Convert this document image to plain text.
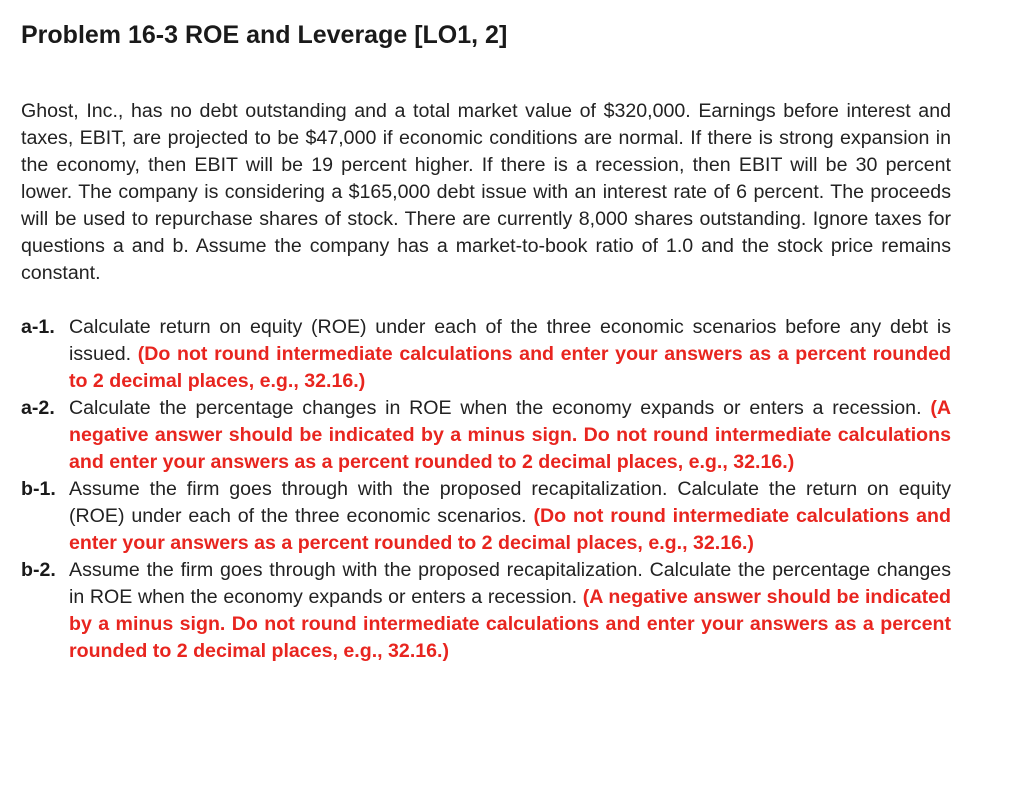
Problem 16-3 ROE and Leverage [LO1, 2]

Ghost, Inc., has no debt outstanding and a total market value of $320,000. Earnings before interest and taxes, EBIT, are projected to be $47,000 if economic conditions are normal. If there is strong expansion in the economy, then EBIT will be 19 percent higher. If there is a recession, then EBIT will be 30 percent lower. The company is considering a $165,000 debt issue with an interest rate of 6 percent. The proceeds will be used to repurchase shares of stock. There are currently 8,000 shares outstanding. Ignore taxes for questions a and b. Assume the company has a market-to-book ratio of 1.0 and the stock price remains constant.

a-1. Calculate return on equity (ROE) under each of the three economic scenarios before any debt is issued. (Do not round intermediate calculations and enter your answers as a percent rounded to 2 decimal places, e.g., 32.16.)
a-2. Calculate the percentage changes in ROE when the economy expands or enters a recession. (A negative answer should be indicated by a minus sign. Do not round intermediate calculations and enter your answers as a percent rounded to 2 decimal places, e.g., 32.16.)
b-1. Assume the firm goes through with the proposed recapitalization. Calculate the return on equity (ROE) under each of the three economic scenarios. (Do not round intermediate calculations and enter your answers as a percent rounded to 2 decimal places, e.g., 32.16.)
b-2. Assume the firm goes through with the proposed recapitalization. Calculate the percentage changes in ROE when the economy expands or enters a recession. (A negative answer should be indicated by a minus sign. Do not round intermediate calculations and enter your answers as a percent rounded to 2 decimal places, e.g., 32.16.)
